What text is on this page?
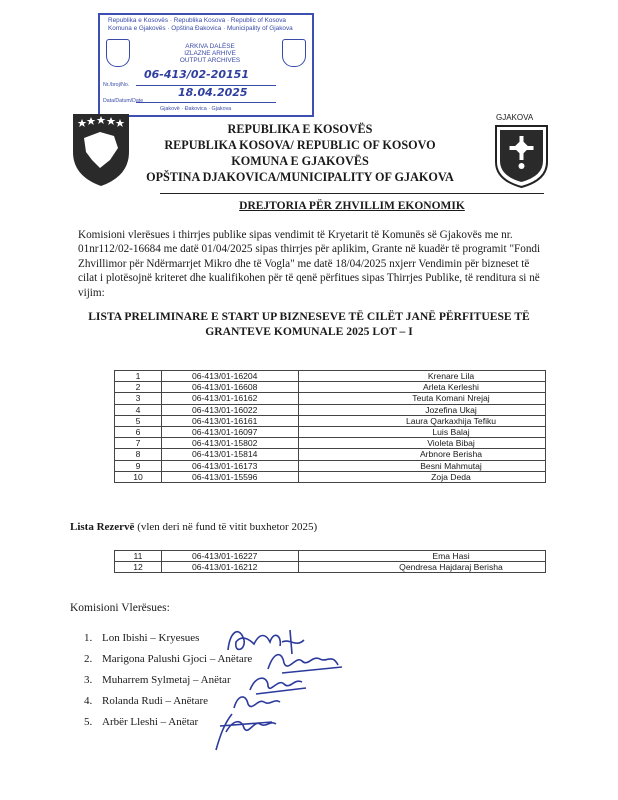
Republika e Kosovës · Republika Kosova · Republic of Kosova
Komuna e Gjakovës · Opština Đakovica · Municipality of Gjakova
ARKIVA DALËSE
IZLAZNE ARHIVE
OUTPUT ARCHIVES
Nr./broj/No.
06-413/02-20151
Data/Datum/Date
18.04.2025
Gjakovë · Đakovica · Gjakova
REPUBLIKA E KOSOVËS
REPUBLIKA KOSOVA/ REPUBLIC OF KOSOVO
KOMUNA E GJAKOVËS
OPŠTINA DJAKOVICA/MUNICIPALITY OF GJAKOVA
GJAKOVA
DREJTORIA PËR ZHVILLIM EKONOMIK
Komisioni vlerësues i thirrjes publike sipas vendimit të Kryetarit të Komunës së Gjakovës me nr. 01nr112/02-16684 me datë 01/04/2025 sipas thirrjes për aplikim, Grante në kuadër të programit "Fondi Zhvillimor për Ndërmarrjet Mikro dhe të Vogla" me datë 18/04/2025 nxjerr Vendimin për bizneset të cilat i plotësojnë kriteret dhe kualifikohen për të qenë përfitues sipas Thirrjes Publike, të renditura si në vijim:
LISTA PRELIMINARE E START UP BIZNESEVE TË CILËT JANË PËRFITUESE TË
GRANTEVE KOMUNALE 2025 LOT – I
1	06-413/01-16204	Krenare Lila
2	06-413/01-16608	Arleta Kerleshi
3	06-413/01-16162	Teuta Komani Nrejaj
4	06-413/01-16022	Jozefina Ukaj
5	06-413/01-16161	Laura Qarkaxhija Tefiku
6	06-413/01-16097	Luis Balaj
7	06-413/01-15802	Violeta Bibaj
8	06-413/01-15814	Arbnore Berisha
9	06-413/01-16173	Besni Mahmutaj
10	06-413/01-15596	Zoja Deda
Lista Rezervë (vlen deri në fund të vitit buxhetor 2025)
11	06-413/01-16227	Ema Hasi
12	06-413/01-16212	Qendresa Hajdaraj Berisha
Komisioni Vlerësues:
1. Lon Ibishi – Kryesues
2. Marigona Palushi Gjoci – Anëtare
3. Muharrem Sylmetaj – Anëtar
4. Rolanda Rudi – Anëtare
5. Arbër Lleshi – Anëtar
